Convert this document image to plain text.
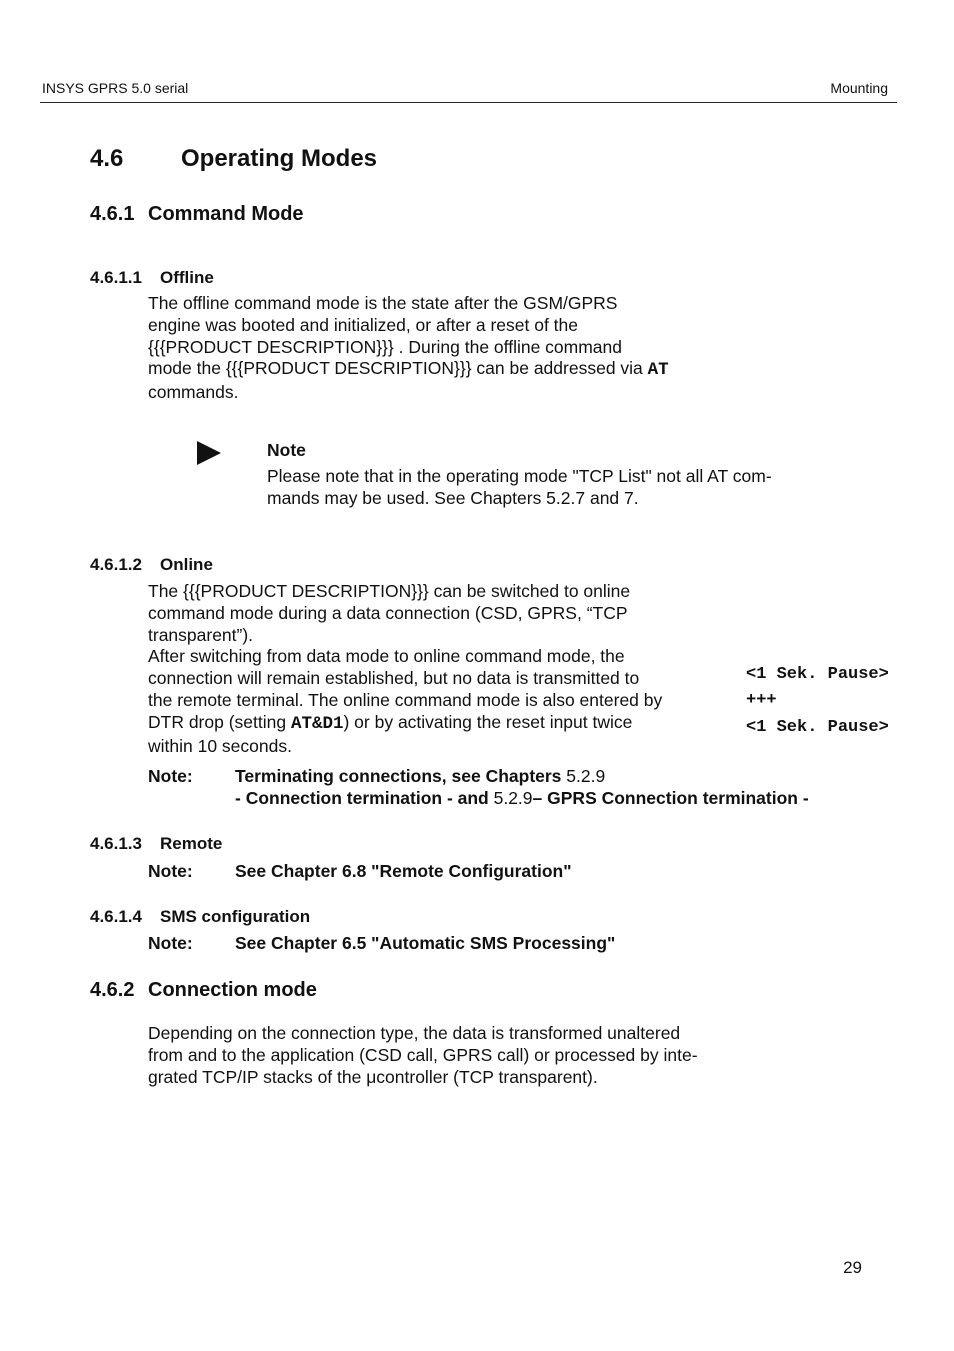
INSYS GPRS 5.0 serial	Mounting
4.6 Operating Modes
4.6.1 Command Mode
4.6.1.1 Offline
The offline command mode is the state after the GSM/GPRS
engine was booted and initialized, or after a reset of the
{{{PRODUCT DESCRIPTION}}} . During the offline command
mode the {{{PRODUCT DESCRIPTION}}} can be addressed via AT
commands.
Note
Please note that in the operating mode "TCP List" not all AT com-
mands may be used. See Chapters 5.2.7 and 7.
4.6.1.2 Online
The {{{PRODUCT DESCRIPTION}}} can be switched to online
command mode during a data connection (CSD, GPRS, “TCP
transparent”).
After switching from data mode to online command mode, the
connection will remain established, but no data is transmitted to
the remote terminal. The online command mode is also entered by
DTR drop (setting AT&D1) or by activating the reset input twice
within 10 seconds.
<1 Sek. Pause>
+++
<1 Sek. Pause>
Note: Terminating connections, see Chapters 5.2.9
- Connection termination - and 5.2.9– GPRS Connection termination -
4.6.1.3 Remote
Note: See Chapter 6.8 "Remote Configuration"
4.6.1.4 SMS configuration
Note: See Chapter 6.5 "Automatic SMS Processing"
4.6.2 Connection mode
Depending on the connection type, the data is transformed unaltered
from and to the application (CSD call, GPRS call) or processed by inte-
grated TCP/IP stacks of the μcontroller (TCP transparent).
29
